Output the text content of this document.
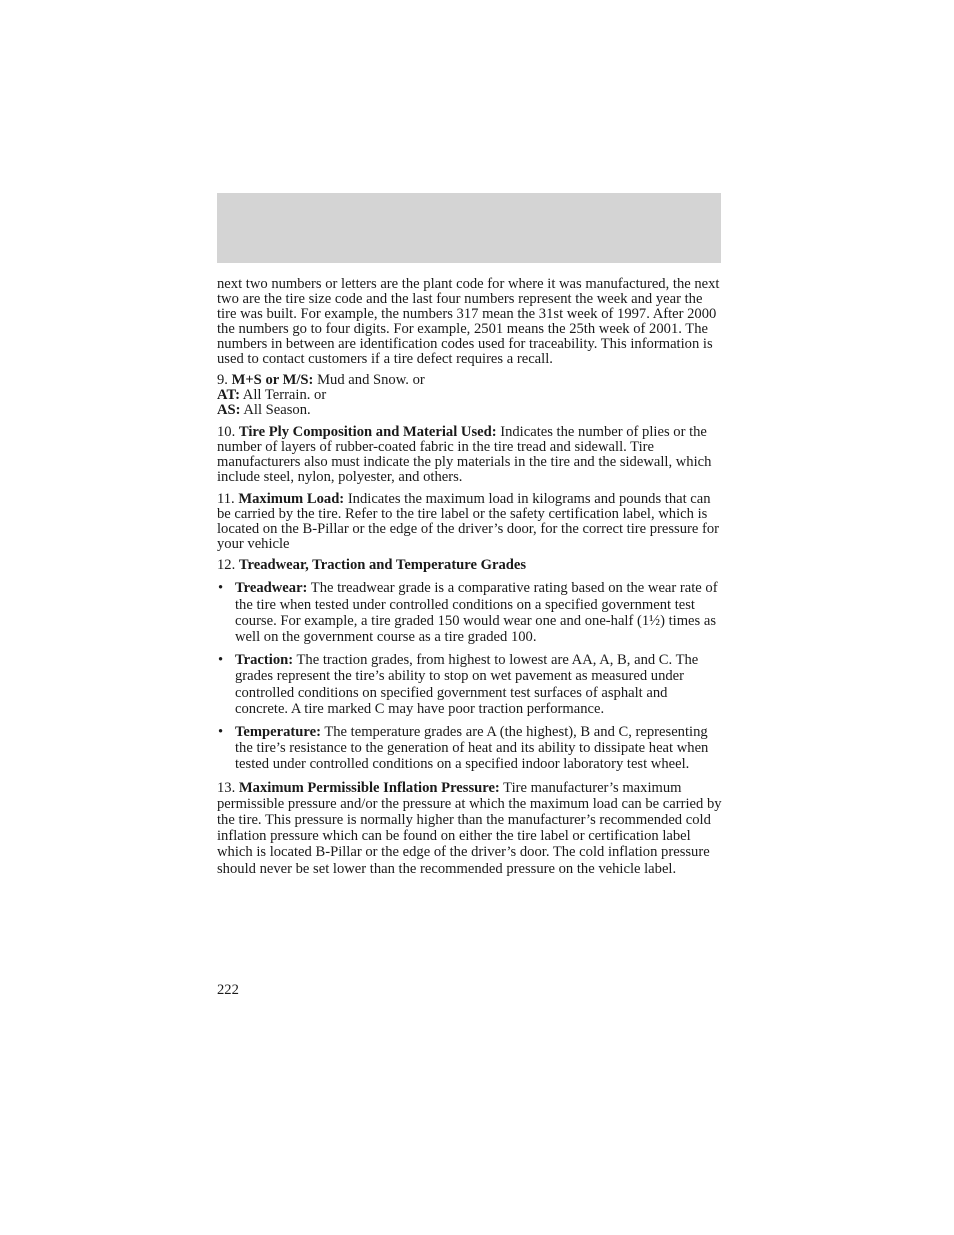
next two numbers or letters are the plant code for where it was manufactured, the next two are the tire size code and the last four numbers represent the week and year the tire was built. For example, the numbers 317 mean the 31st week of 1997. After 2000 the numbers go to four digits. For example, 2501 means the 25th week of 2001. The numbers in between are identification codes used for traceability. This information is used to contact customers if a tire defect requires a recall.

9. M+S or M/S: Mud and Snow. or
AT: All Terrain. or
AS: All Season.

10. Tire Ply Composition and Material Used: Indicates the number of plies or the number of layers of rubber-coated fabric in the tire tread and sidewall. Tire manufacturers also must indicate the ply materials in the tire and the sidewall, which include steel, nylon, polyester, and others.

11. Maximum Load: Indicates the maximum load in kilograms and pounds that can be carried by the tire. Refer to the tire label or the safety certification label, which is located on the B-Pillar or the edge of the driver’s door, for the correct tire pressure for your vehicle

12. Treadwear, Traction and Temperature Grades

• Treadwear: The treadwear grade is a comparative rating based on the wear rate of the tire when tested under controlled conditions on a specified government test course. For example, a tire graded 150 would wear one and one-half (1½) times as well on the government course as a tire graded 100.
• Traction: The traction grades, from highest to lowest are AA, A, B, and C. The grades represent the tire’s ability to stop on wet pavement as measured under controlled conditions on specified government test surfaces of asphalt and concrete. A tire marked C may have poor traction performance.
• Temperature: The temperature grades are A (the highest), B and C, representing the tire’s resistance to the generation of heat and its ability to dissipate heat when tested under controlled conditions on a specified indoor laboratory test wheel.

13. Maximum Permissible Inflation Pressure: Tire manufacturer’s maximum permissible pressure and/or the pressure at which the maximum load can be carried by the tire. This pressure is normally higher than the manufacturer’s recommended cold inflation pressure which can be found on either the tire label or certification label which is located B-Pillar or the edge of the driver’s door. The cold inflation pressure should never be set lower than the recommended pressure on the vehicle label.

222
